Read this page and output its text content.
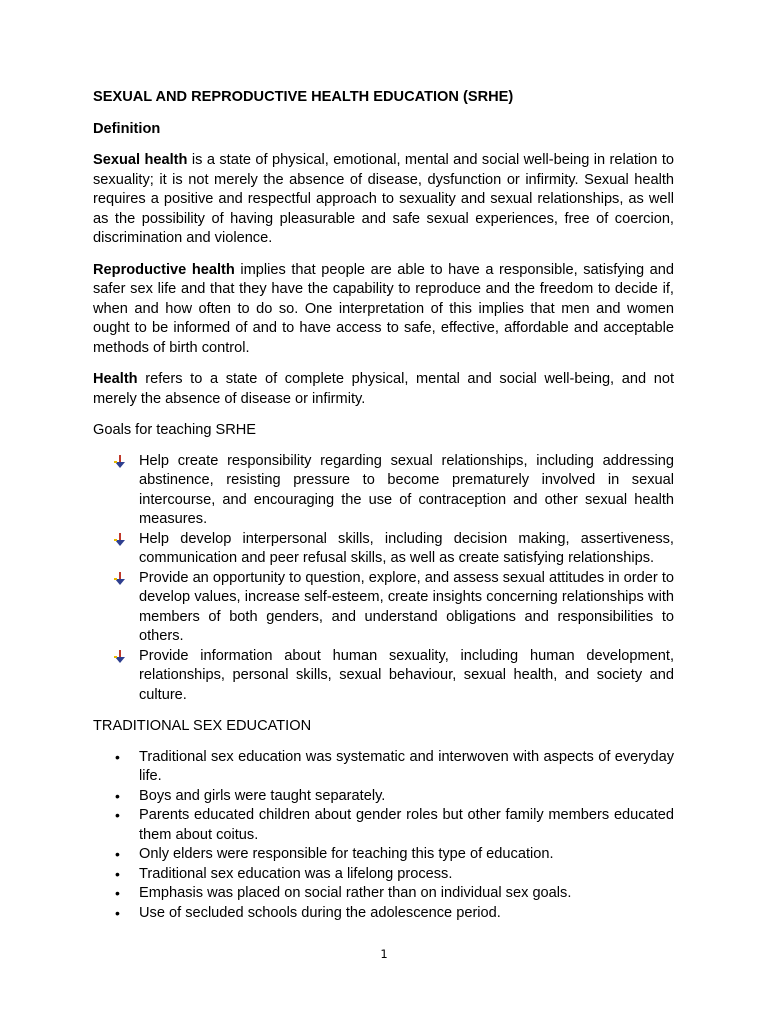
SEXUAL AND REPRODUCTIVE HEALTH EDUCATION (SRHE)
Definition

Sexual health is a state of physical, emotional, mental and social well-being in relation to sexuality; it is not merely the absence of disease, dysfunction or infirmity. Sexual health requires a positive and respectful approach to sexuality and sexual relationships, as well as the possibility of having pleasurable and safe sexual experiences, free of coercion, discrimination and violence.

Reproductive health implies that people are able to have a responsible, satisfying and safer sex life and that they have the capability to reproduce and the freedom to decide if, when and how often to do so. One interpretation of this implies that men and women ought to be informed of and to have access to safe, effective, affordable and acceptable methods of birth control.

Health refers to a state of complete physical, mental and social well-being, and not merely the absence of disease or infirmity.

Goals for teaching SRHE
Help create responsibility regarding sexual relationships, including addressing abstinence, resisting pressure to become prematurely involved in sexual intercourse, and encouraging the use of contraception and other sexual health measures.
Help develop interpersonal skills, including decision making, assertiveness, communication and peer refusal skills, as well as create satisfying relationships.
Provide an opportunity to question, explore, and assess sexual attitudes in order to develop values, increase self-esteem, create insights concerning relationships with members of both genders, and understand obligations and responsibilities to others.
Provide information about human sexuality, including human development, relationships, personal skills, sexual behaviour, sexual health, and society and culture.
TRADITIONAL SEX EDUCATION
• Traditional sex education was systematic and interwoven with aspects of everyday life.
• Boys and girls were taught separately.
• Parents educated children about gender roles but other family members educated them about coitus.
• Only elders were responsible for teaching this type of education.
• Traditional sex education was a lifelong process.
• Emphasis was placed on social rather than on individual sex goals.
• Use of secluded schools during the adolescence period.
1
